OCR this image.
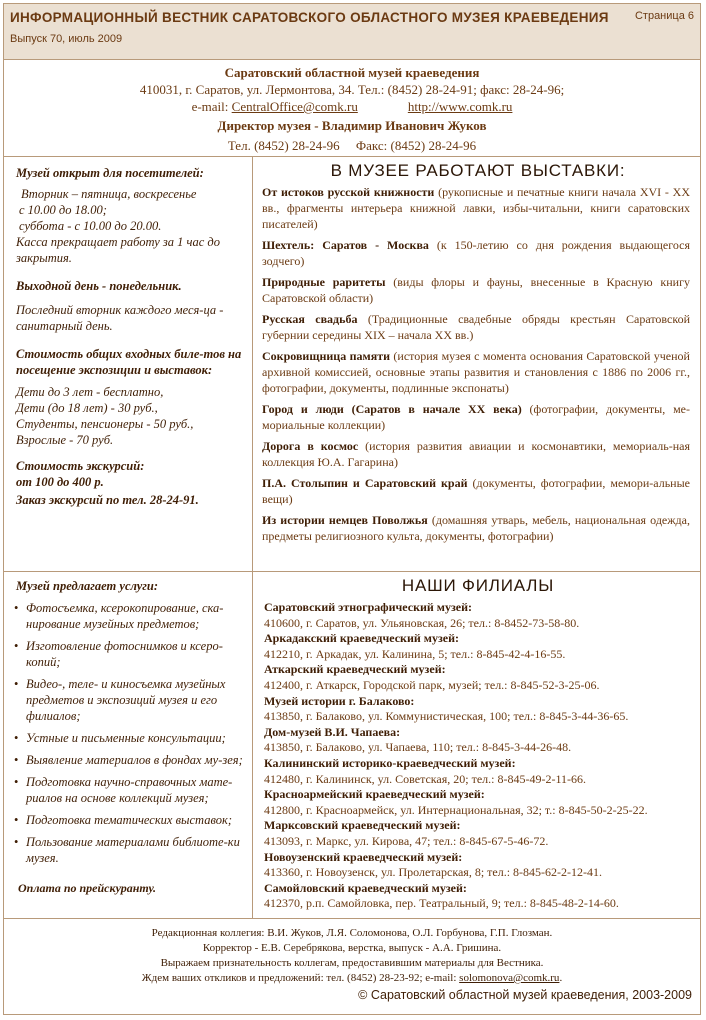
ИНФОРМАЦИОННЫЙ ВЕСТНИК САРАТОВСКОГО ОБЛАСТНОГО МУЗЕЯ КРАЕВЕДЕНИЯ
Выпуск 70, июль 2009
Страница 6
Саратовский областной музей краеведения
410031, г. Саратов, ул. Лермонтова, 34. Тел.: (8452) 28-24-91; факс: 28-24-96;
e-mail: CentralOffice@comk.ru	http://www.comk.ru
Директор музея - Владимир Иванович Жуков
Тел. (8452) 28-24-96     Факс: (8452) 28-24-96

Музей открыт для посетителей:

Вторник – пятница, воскресенье

с 10.00 до 18.00;

суббота - с 10.00 до 20.00.

Касса прекращает работу за 1 час до закрытия.

Выходной день - понедельник.

Последний вторник каждого меся-ца - санитарный день.

Стоимость общих входных биле-тов на посещение экспозиции и выставок:

Дети до 3 лет - бесплатно,

Дети (до 18 лет) - 30 руб.,

Студенты, пенсионеры - 50 руб.,

Взрослые - 70 руб.

Стоимость экскурсий:

от 100 до 400 р.

Заказ экскурсий по тел. 28-24-91.

В МУЗЕЕ РАБОТАЮТ ВЫСТАВКИ:

От истоков русской книжности (рукописные и печатные книги начала XVI - XX вв., фрагменты интерьера книжной лавки, избы-читальни, книги саратовских писателей)

Шехтель: Саратов - Москва (к 150-летию со дня рождения выдающегося зодчего)

Природные раритеты (виды флоры и фауны, внесенные в Красную книгу Саратовской области)

Русская свадьба (Традиционные свадебные обряды крестьян Саратовской губернии середины XIX – начала XX вв.)

Сокровищница памяти (история музея с момента основания Саратовской ученой архивной комиссией, основные этапы развития и становления с 1886 по 2006 гг., фотографии, документы, подлинные экспонаты)

Город и люди (Саратов в начале XX века) (фотографии, документы, ме-мориальные коллекции)

Дорога в космос (история развития авиации и космонавтики, мемориаль-ная коллекция Ю.А. Гагарина)

П.А. Столыпин и Саратовский край (документы, фотографии, мемори-альные вещи)

Из истории немцев Поволжья (домашняя утварь, мебель, национальная одежда, предметы религиозного культа, документы, фотографии)

Музей предлагает услуги:
• Фотосъемка, ксерокопирование, ска-нирование музейных предметов;
• Изготовление фотоснимков и ксеро-копий;
• Видео-, теле- и киносъемка музейных предметов и экспозиций музея и его филиалов;
• Устные и письменные консультации;
• Выявление материалов в фондах му-зея;
• Подготовка научно-справочных мате-риалов на основе коллекций музея;
• Подготовка тематических выставок;
• Пользование материалами библиоте-ки музея.
Оплата по прейскуранту.
НАШИ ФИЛИАЛЫ
Саратовский этнографический музей:
410600, г. Саратов, ул. Ульяновская, 26; тел.: 8-8452-73-58-80.
Аркадакский краеведческий музей:
412210, г. Аркадак, ул. Калинина, 5; тел.: 8-845-42-4-16-55.
Аткарский краеведческий музей:
412400, г. Аткарск, Городской парк, музей; тел.: 8-845-52-3-25-06.
Музей истории г. Балаково:
413850, г. Балаково, ул. Коммунистическая, 100; тел.: 8-845-3-44-36-65.
Дом-музей В.И. Чапаева:
413850, г. Балаково, ул. Чапаева, 110; тел.: 8-845-3-44-26-48.
Калининский историко-краеведческий музей:
412480, г. Калининск, ул. Советская, 20; тел.: 8-845-49-2-11-66.
Красноармейский краеведческий музей:
412800, г. Красноармейск, ул. Интернациональная, 32; т.: 8-845-50-2-25-22.
Марксовский краеведческий музей:
413093, г. Маркс, ул. Кирова, 47; тел.: 8-845-67-5-46-72.
Новоузенский краеведческий музей:
413360, г. Новоузенск, ул. Пролетарская, 8; тел.: 8-845-62-2-12-41.
Самойловский краеведческий музей:
412370, р.п. Самойловка, пер. Театральный, 9; тел.: 8-845-48-2-14-60.
Редакционная коллегия: В.И. Жуков, Л.Я. Соломонова, О.Л. Горбунова, Г.П. Глозман.
Корректор - Е.В. Серебрякова, верстка, выпуск - А.А. Гришина.
Выражаем признательность коллегам, предоставившим материалы для Вестника.
Ждем ваших откликов и предложений: тел. (8452) 28-23-92; e-mail: solomonova@comk.ru.
© Саратовский областной музей краеведения, 2003-2009
